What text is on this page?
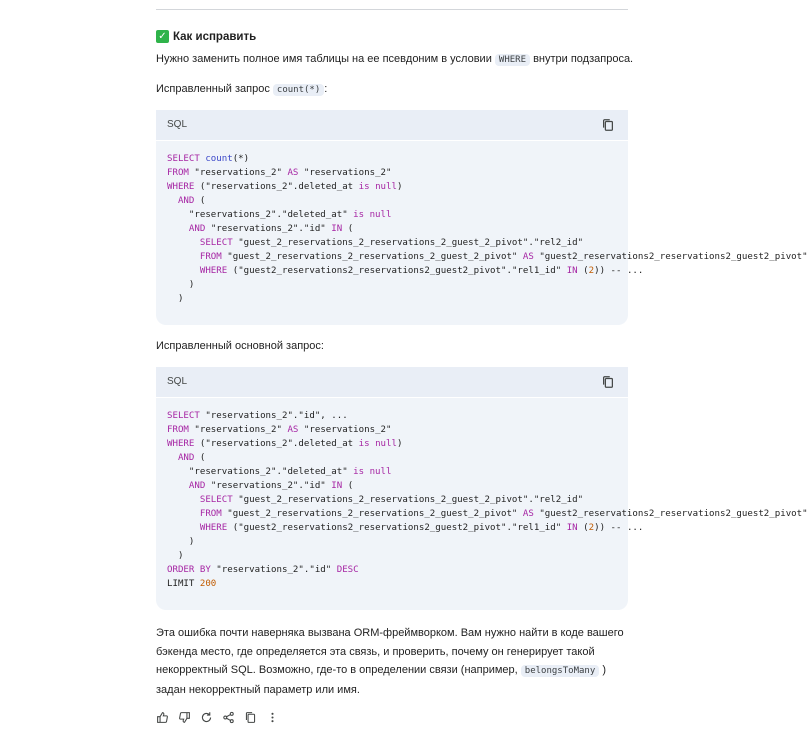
✓ Как исправить
Нужно заменить полное имя таблицы на ее псевдоним в условии WHERE внутри подзапроса.
Исправленный запрос count(*) :
SQL
SELECT count(*)
FROM "reservations_2" AS "reservations_2"
WHERE ("reservations_2".deleted_at is null)
AND (
"reservations_2"."deleted_at" is null
AND "reservations_2"."id" IN (
SELECT "guest_2_reservations_2_reservations_2_guest_2_pivot"."rel2_id"
FROM "guest_2_reservations_2_reservations_2_guest_2_pivot" AS "guest2_reservations2_reservations2_guest2_pivot"
WHERE ("guest2_reservations2_reservations2_guest2_pivot"."rel1_id" IN (2)) -- ...
)
)
Исправленный основной запрос:
SQL
SELECT "reservations_2"."id", ...
FROM "reservations_2" AS "reservations_2"
WHERE ("reservations_2".deleted_at is null)
AND (
"reservations_2"."deleted_at" is null
AND "reservations_2"."id" IN (
SELECT "guest_2_reservations_2_reservations_2_guest_2_pivot"."rel2_id"
FROM "guest_2_reservations_2_reservations_2_guest_2_pivot" AS "guest2_reservations2_reservations2_guest2_pivot"
WHERE ("guest2_reservations2_reservations2_guest2_pivot"."rel1_id" IN (2)) -- ...
)
)
ORDER BY "reservations_2"."id" DESC
LIMIT 200
Эта ошибка почти наверняка вызвана ORM-фреймворком. Вам нужно найти в коде вашего
бэкенда место, где определяется эта связь, и проверить, почему он генерирует такой
некорректный SQL. Возможно, где-то в определении связи (например, belongsToMany )
задан некорректный параметр или имя.
